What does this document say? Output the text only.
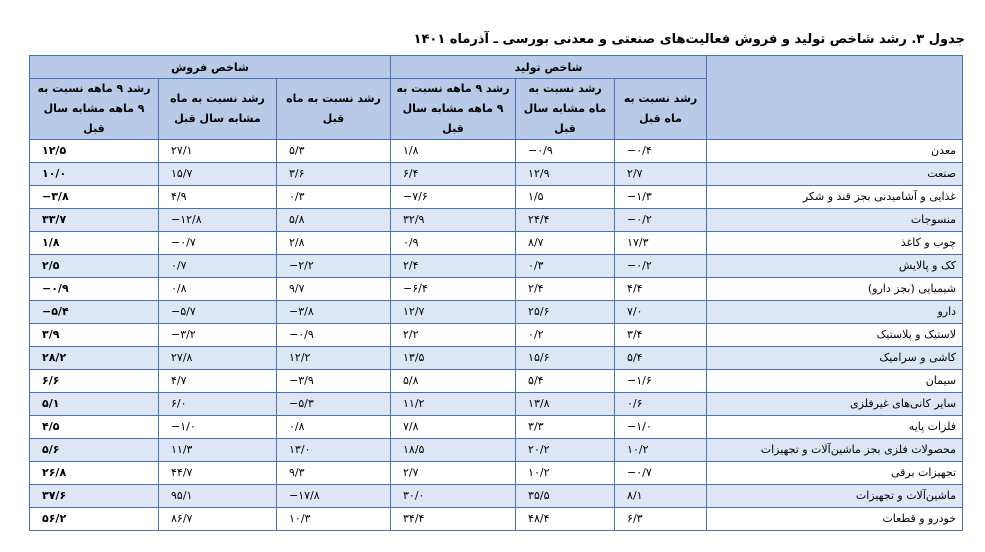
جدول ۳. رشد شاخص تولید و فروش فعالیت‌های صنعتی و معدنی بورسی ـ آذرماه ۱۴۰۱
	شاخص تولید			شاخص فروش		
	رشد نسبت به ماه قبل	رشد نسبت به ماه مشابه سال قبل	رشد ۹ ماهه نسبت به ۹ ماهه مشابه سال قبل	رشد نسبت به ماه قبل	رشد نسبت به ماه مشابه سال قبل	رشد ۹ ماهه نسبت به ۹ ماهه مشابه سال قبل
معدن	۰/۴−	۰/۹−	۱/۸	۵/۳	۲۷/۱	۱۲/۵
صنعت	۲/۷	۱۲/۹	۶/۴	۳/۶	۱۵/۷	۱۰/۰
غذایی و آشامیدنی بجز قند و شکر	۱/۳−	۱/۵	۷/۶−	۰/۳	۴/۹	۳/۸−
منسوجات	۰/۲−	۲۴/۴	۳۲/۹	۵/۸	۱۲/۸−	۳۳/۷
چوب و کاغذ	۱۷/۳	۸/۷	۰/۹	۲/۸	۰/۷−	۱/۸
کک و پالایش	۰/۲−	۰/۳	۲/۴	۲/۲−	۰/۷	۲/۵
شیمیایی (بجز دارو)	۴/۴	۲/۴	۶/۴−	۹/۷	۰/۸	۰/۹−
دارو	۷/۰	۲۵/۶	۱۲/۷	۳/۸−	۵/۷−	۵/۴−
لاستیک و پلاستیک	۳/۴	۰/۲	۲/۲	۰/۹−	۳/۲−	۳/۹
کاشی و سرامیک	۵/۴	۱۵/۶	۱۳/۵	۱۲/۲	۲۷/۸	۲۸/۲
سیمان	۱/۶−	۵/۴	۵/۸	۳/۹−	۴/۷	۶/۶
سایر کانی‌های غیرفلزی	۰/۶	۱۳/۸	۱۱/۲	۵/۳−	۶/۰	۵/۱
فلزات پایه	۱/۰−	۳/۳	۷/۸	۰/۸	۱/۰−	۴/۵
محصولات فلزی بجز ماشین‌آلات و تجهیزات	۱۰/۲	۲۰/۲	۱۸/۵	۱۳/۰	۱۱/۳	۵/۶
تجهیزات برقی	۰/۷−	۱۰/۲	۲/۷	۹/۳	۴۴/۷	۲۶/۸
ماشین‌آلات و تجهیزات	۸/۱	۳۵/۵	۳۰/۰	۱۷/۸−	۹۵/۱	۳۷/۶
خودرو و قطعات	۶/۳	۴۸/۴	۳۴/۴	۱۰/۳	۸۶/۷	۵۶/۲
